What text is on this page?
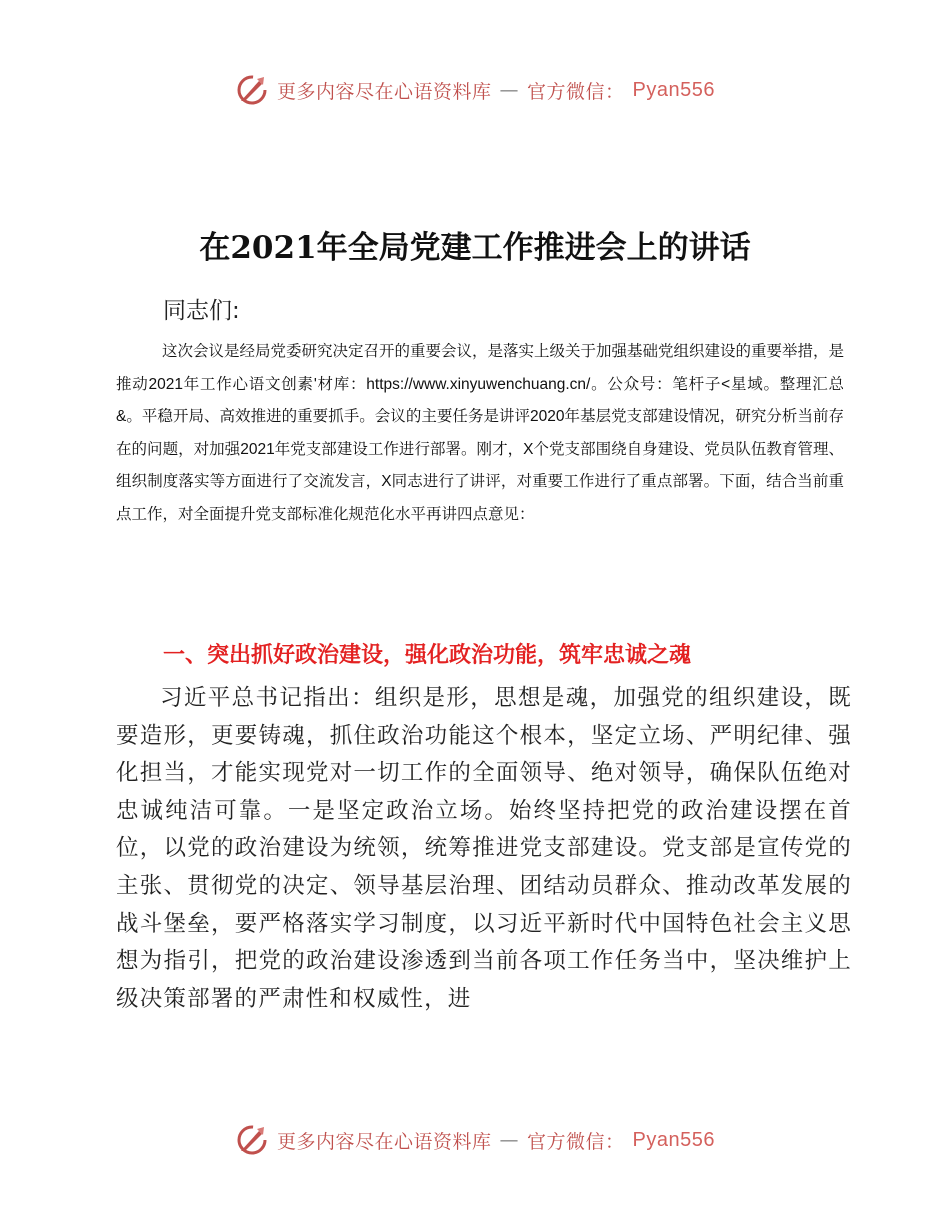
更多内容尽在心语资料库 — 官方微信： Pyan556
在2021年全局党建工作推进会上的讲话
同志们:

这次会议是经局党委研究决定召开的重要会议，是落实上级关于加强基础党组织建设的重要举措，是推动2021年工作心语文创素'材库：https://www.xinyuwenchuang.cn/。公众号：笔杆子<星域。整理汇总&。平稳开局、高效推进的重要抓手。会议的主要任务是讲评2020年基层党支部建设情况，研究分析当前存在的问题，对加强2021年党支部建设工作进行部署。刚才，X个党支部围绕自身建设、党员队伍教育管理、组织制度落实等方面进行了交流发言，X同志进行了讲评，对重要工作进行了重点部署。下面，结合当前重点工作，对全面提升党支部标准化规范化水平再讲四点意见：

一、突出抓好政治建设，强化政治功能，筑牢忠诚之魂

习近平总书记指出：组织是形，思想是魂，加强党的组织建设，既要造形，更要铸魂，抓住政治功能这个根本，坚定立场、严明纪律、强化担当，才能实现党对一切工作的全面领导、绝对领导，确保队伍绝对忠诚纯洁可靠。一是坚定政治立场。始终坚持把党的政治建设摆在首位，以党的政治建设为统领，统筹推进党支部建设。党支部是宣传党的主张、贯彻党的决定、领导基层治理、团结动员群众、推动改革发展的战斗堡垒，要严格落实学习制度，以习近平新时代中国特色社会主义思想为指引，把党的政治建设渗透到当前各项工作任务当中，坚决维护上级决策部署的严肃性和权威性，进

更多内容尽在心语资料库 — 官方微信： Pyan556
